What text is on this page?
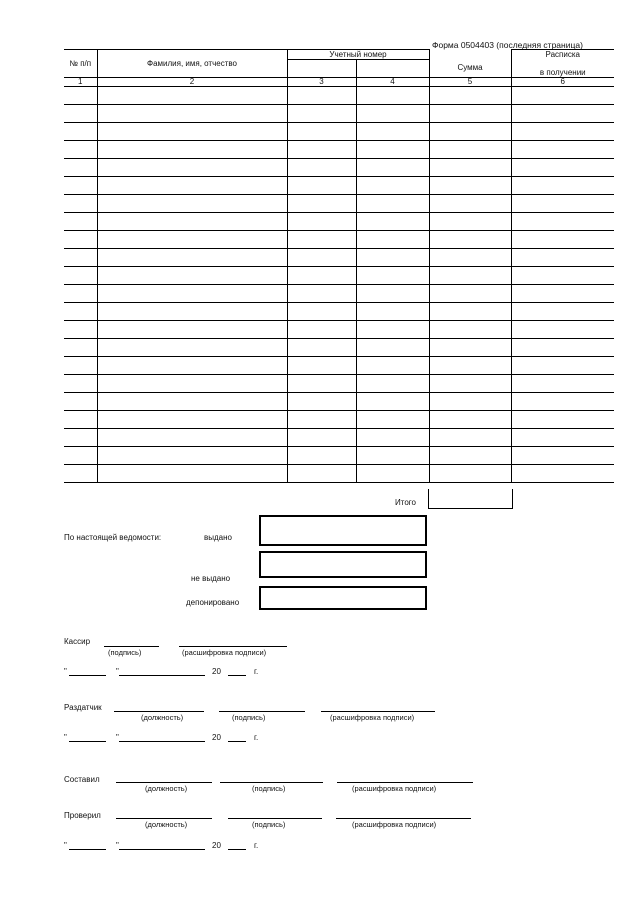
Форма 0504403 (последняя страница)
№ п/п	Фамилия, имя, отчество	Учетный номер		Сумма	Расписка
					в получении
1	2	3	4	5	6

Итого
По настоящей ведомости:	выдано
не выдано
депонировано
Кассир
(подпись)	(расшифровка подписи)
"	"	20	г.
Раздатчик
(должность)	(подпись)	(расшифровка подписи)
"	"	20	г.
Составил
(должность)	(подпись)	(расшифровка подписи)
Проверил
(должность)	(подпись)	(расшифровка подписи)
"	"	20	г.
